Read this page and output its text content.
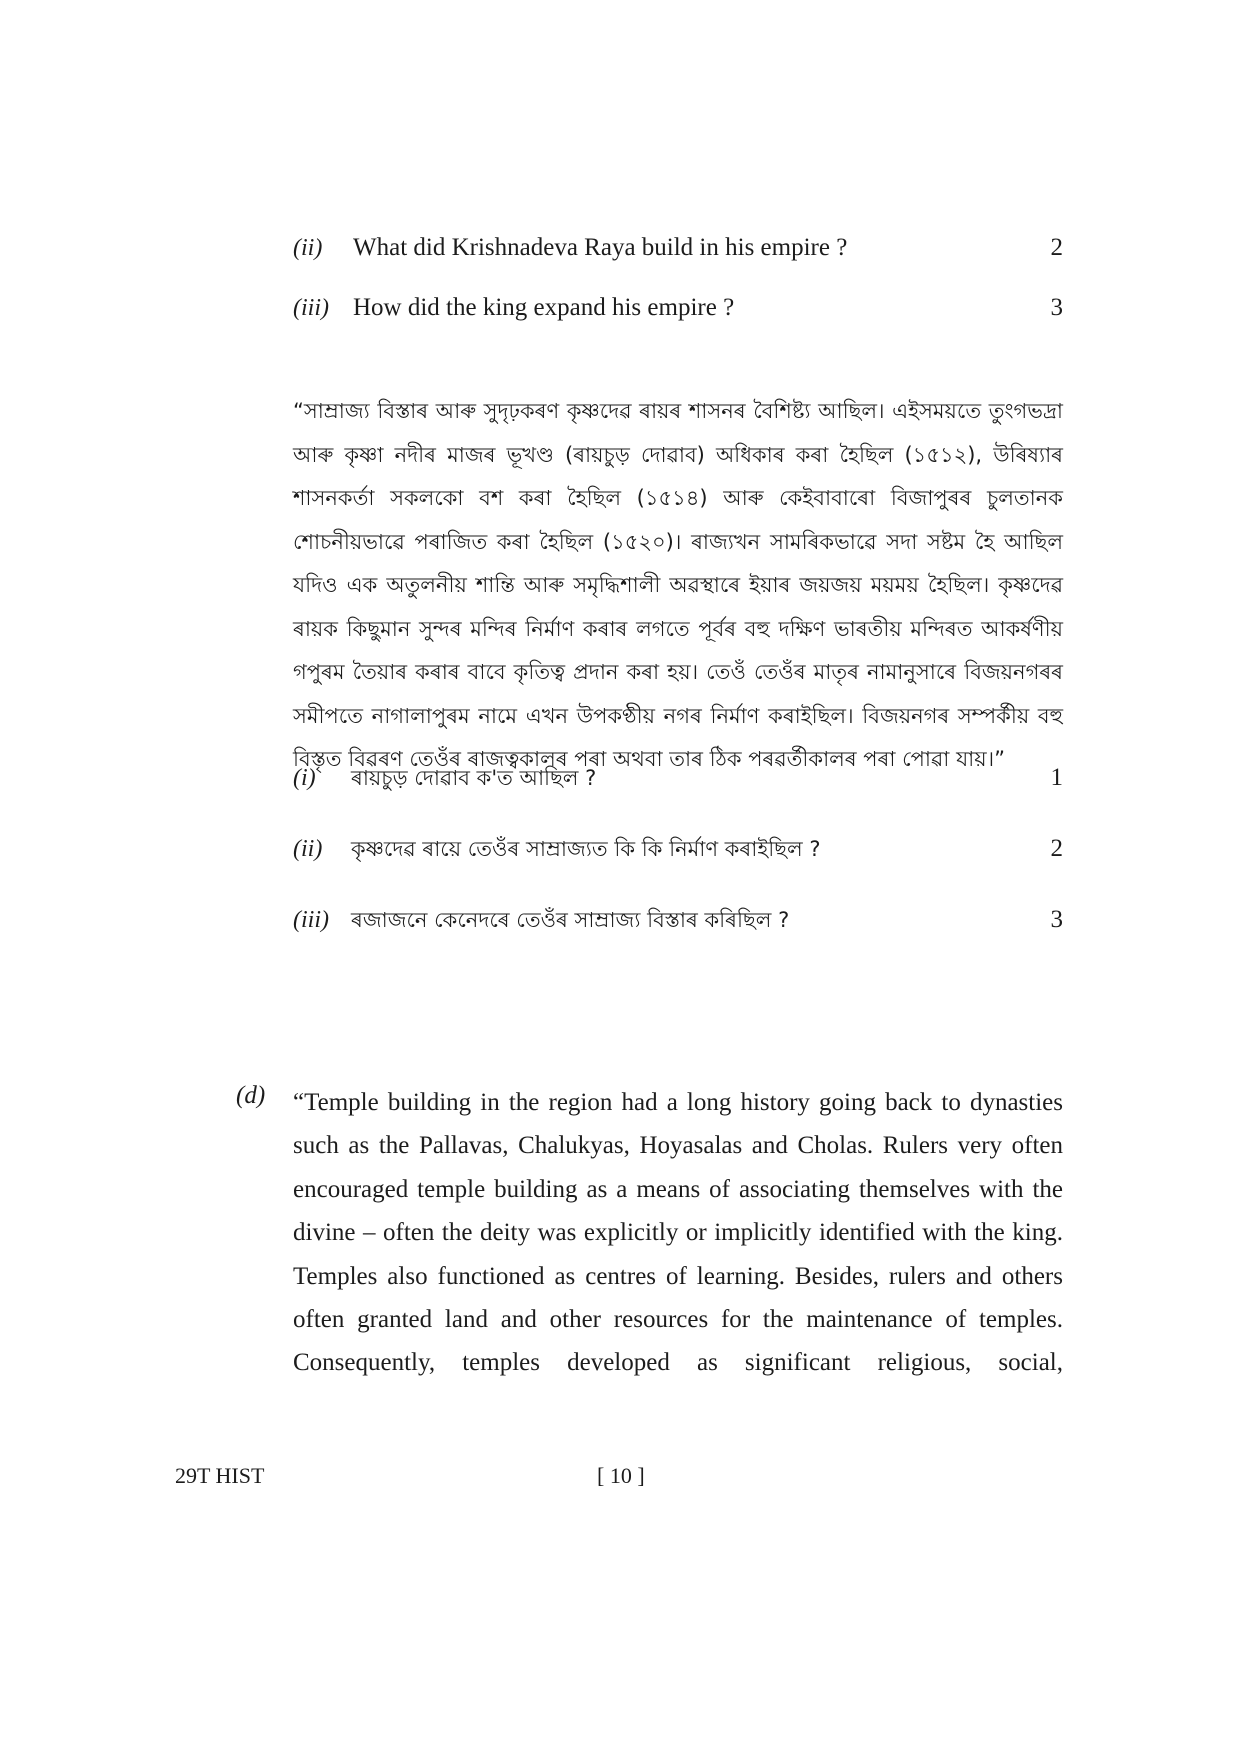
(ii)	What did Krishnadeva Raya build in his empire ?	2
(iii) How did the king expand his empire ?	3

“সাম্ৰাজ্য বিস্তাৰ আৰু সুদৃঢ়কৰণ কৃষ্ণদেৱ ৰায়ৰ শাসনৰ বৈশিষ্ট্য আছিল। এইসময়তে তুংগভদ্ৰা আৰু কৃষ্ণা নদীৰ মাজৰ ভূখণ্ড (ৰায়চুড় দোৱাব) অধিকাৰ কৰা হৈছিল (১৫১২), উৰিষ্যাৰ শাসনকৰ্তা সকলকো বশ কৰা হৈছিল (১৫১৪) আৰু কেইবাবাৰো বিজাপুৰৰ চুলতানক শোচনীয়ভাৱে পৰাজিত কৰা হৈছিল (১৫২০)। ৰাজ্যখন সামৰিকভাৱে সদা সষ্টম হৈ আছিল যদিও এক অতুলনীয় শান্তি আৰু সমৃদ্ধিশালী অৱস্থাৰে ইয়াৰ জয়জয় ময়ময় হৈছিল। কৃষ্ণদেৱ ৰায়ক কিছুমান সুন্দৰ মন্দিৰ নিৰ্মাণ কৰাৰ লগতে পূৰ্বৰ বহু দক্ষিণ ভাৰতীয় মন্দিৰত আকৰ্ষণীয় গপুৰম তৈয়াৰ কৰাৰ বাবে কৃতিত্ব প্ৰদান কৰা হয়। তেওঁ তেওঁৰ মাতৃৰ নামানুসাৰে বিজয়নগৰৰ সমীপতে নাগালাপুৰম নামে এখন উপকণ্ঠীয় নগৰ নিৰ্মাণ কৰাইছিল। বিজয়নগৰ সম্পৰ্কীয় বহু বিস্তৃত বিৱৰণ তেওঁৰ ৰাজত্বকালৰ পৰা অথবা তাৰ ঠিক পৰৱৰ্তীকালৰ পৰা পোৱা যায়।”

(i)	ৰায়চুড় দোৱাব ক'ত আছিল ?	1
(ii)	কৃষ্ণদেৱ ৰায়ে তেওঁৰ সাম্ৰাজ্যত কি কি নিৰ্মাণ কৰাইছিল ?	2
(iii)	ৰজাজনে কেনেদৰে তেওঁৰ সাম্ৰাজ্য বিস্তাৰ কৰিছিল ?	3
(d) “Temple building in the region had a long history going back to dynasties such as the Pallavas, Chalukyas, Hoyasalas and Cholas. Rulers very often encouraged temple building as a means of associating themselves with the divine – often the deity was explicitly or implicitly identified with the king. Temples also functioned as centres of learning. Besides, rulers and others often granted land and other resources for the maintenance of temples. Consequently, temples developed as significant religious, social,

29T HIST	[ 10 ]
